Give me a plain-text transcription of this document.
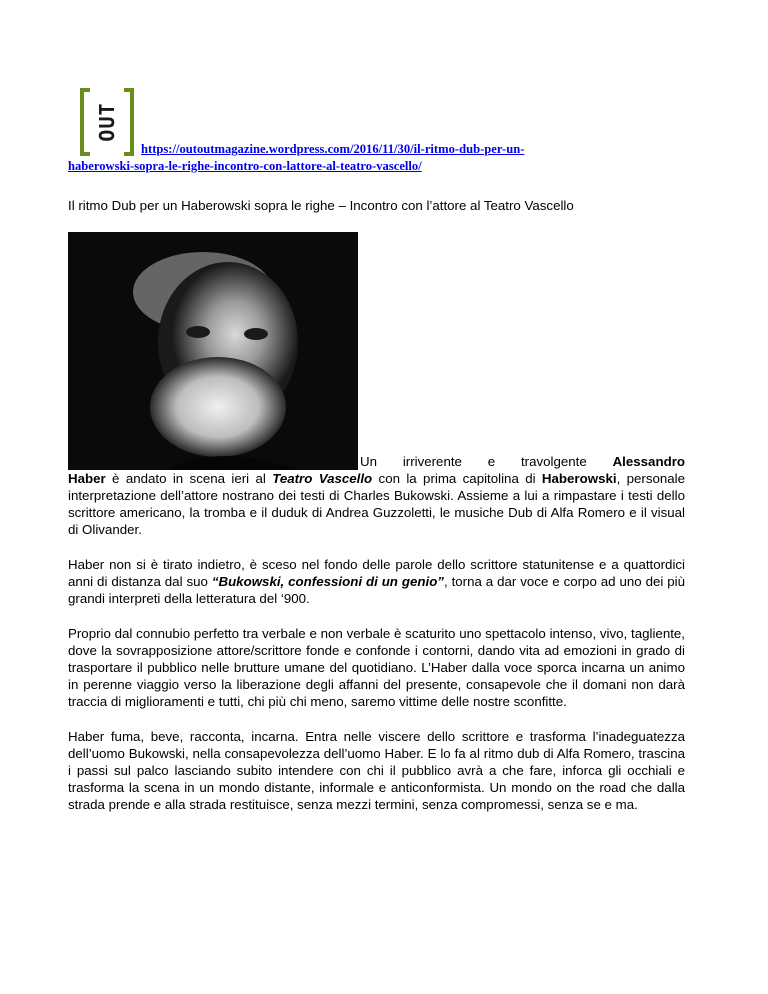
OUT
https://outoutmagazine.wordpress.com/2016/11/30/il-ritmo-dub-per-un-
haberowski-sopra-le-righe-incontro-con-lattore-al-teatro-vascello/
Il ritmo Dub per un Haberowski sopra le righe – Incontro con l’attore al Teatro Vascello
Un irriverente e travolgente Alessandro
Haber è andato in scena ieri al Teatro Vascello con la prima capitolina di Haberowski, personale interpretazione dell’attore nostrano dei testi di Charles Bukowski. Assieme a lui a rimpastare i testi dello scrittore americano, la tromba e il duduk di Andrea Guzzoletti, le musiche Dub di Alfa Romero e il visual di Olivander.
Haber non si è tirato indietro, è sceso nel fondo delle parole dello scrittore statunitense e a quattordici anni di distanza dal suo “Bukowski, confessioni di un genio”, torna a dar voce e corpo ad uno dei più grandi interpreti della letteratura del ‘900.
Proprio dal connubio perfetto tra verbale e non verbale è scaturito uno spettacolo intenso, vivo, tagliente, dove la sovrapposizione attore/scrittore fonde e confonde i contorni, dando vita ad emozioni in grado di trasportare il pubblico nelle brutture umane del quotidiano. L’Haber dalla voce sporca incarna un animo in perenne viaggio verso la liberazione degli affanni del presente, consapevole che il domani non darà traccia di miglioramenti e tutti, chi più chi meno, saremo vittime delle nostre sconfitte.
Haber fuma, beve, racconta, incarna. Entra nelle viscere dello scrittore e trasforma l’inadeguatezza dell’uomo Bukowski, nella consapevolezza dell’uomo Haber. E lo fa al ritmo dub di Alfa Romero, trascina i passi sul palco lasciando subito intendere con chi il pubblico avrà a che fare, inforca gli occhiali e trasforma la scena in un mondo distante, informale e anticonformista. Un mondo on the road che dalla strada prende e alla strada restituisce, senza mezzi termini, senza compromessi, senza se e ma.
